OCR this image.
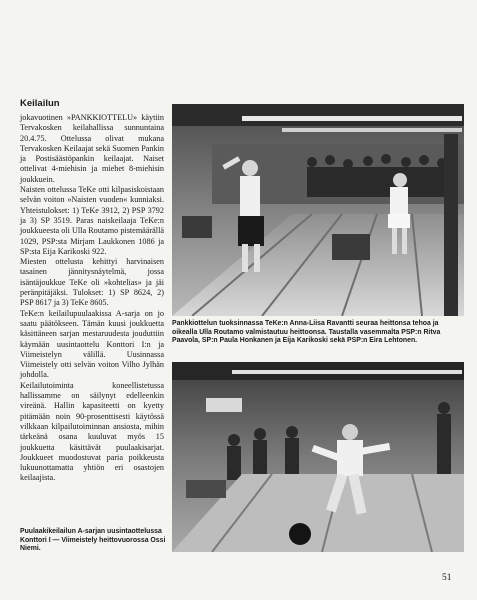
Keilailun

jokavuotinen »PANKKIOTTELU» käytiin Tervakosken keilahallissa sunnuntaina 20.4.75. Ottelussa olivat mukana Tervakosken Keilaajat sekä Suomen Pankin ja Postisäästöpankin keilaajat. Naiset ottelivat 4-miehisin ja miehet 8-miehisin joukkuein.

Naisten ottelussa TeKe otti kilpasiskoistaan selvän voiton »Naisten vuoden« kunniaksi. Yhteistulokset: 1) TeKe 3912, 2) PSP 3792 ja 3) SP 3519. Paras naiskeilaaja TeKe:n joukkueesta oli Ulla Routamo pistemäärällä 1029, PSP:sta Mirjam Laukkonen 1086 ja SP:sta Eija Karikoski 922.

Miesten ottelusta kehittyi harvinaisen tasainen jännitysnäytelmä, jossa isäntäjoukkue TeKe oli »kohtelias» ja jäi peränpitäjäksi. Tulokset: 1) SP 8624, 2) PSP 8617 ja 3) TeKe 8605.

TeKe:n keilailupuulaakissa A-sarja on jo saatu päätökseen. Tämän kuusi joukkuetta käsittäneen sarjan mestaruudesta jouduttiin käymään uusintaottelu Konttori I:n ja Viimeistelyn välillä. Uusinnassa Viimeistely otti selvän voiton Vilho Jylhän johdolla.

Keilailutoiminta koneellistetussa hallissamme on säilynyt edelleenkin vireänä. Hallin kapasiteetti on kyetty pitämään noin 90-prosenttisesti käytössä vilkkaan kilpailutoiminnan ansiosta, mihin tärkeänä osana kuuluvat myös 15 joukkuetta käsittävät puulaakisarjat. Joukkueet muodostuvat paria poikkeusta lukuunottamatta yhtiön eri osastojen keilaajista.

Pankkiottelun tuoksinnassa TeKe:n Anna-Liisa Ravantti seuraa heittonsa tehoa ja oikealla Ulla Routamo valmistautuu heittoonsa. Taustalla vasemmalta PSP:n Ritva Paavola, SP:n Paula Honkanen ja Eija Karikoski sekä PSP:n Eira Lehtonen.
Puulaakikeilailun A-sarjan uusintaottelussa Konttori I — Viimeistely heittovuorossa Ossi Niemi.
51
